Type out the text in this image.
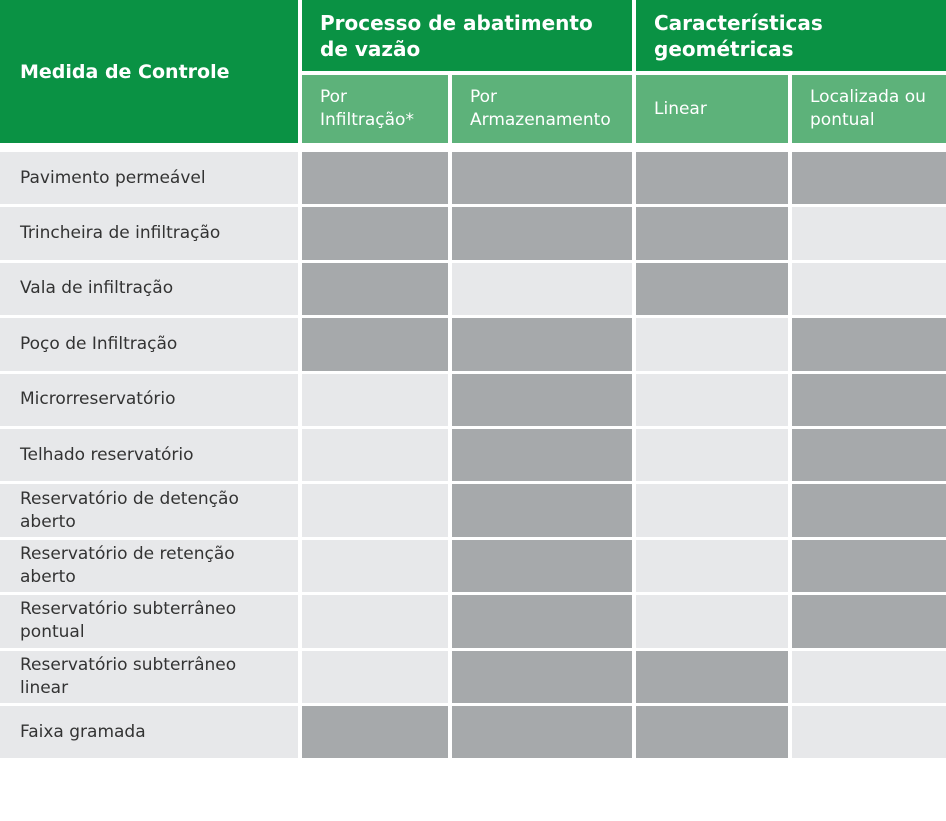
Medida de Controle
Processo de abatimento de vazão
Características geométricas
Por
Infiltração*
Por
Armazenamento
Linear
Localizada ou
pontual
Pavimento permeável
Trincheira de infiltração
Vala de infiltração
Poço de Infiltração
Microrreservatório
Telhado reservatório
Reservatório de detenção
aberto
Reservatório de retenção
aberto
Reservatório subterrâneo
pontual
Reservatório subterrâneo
linear
Faixa gramada
